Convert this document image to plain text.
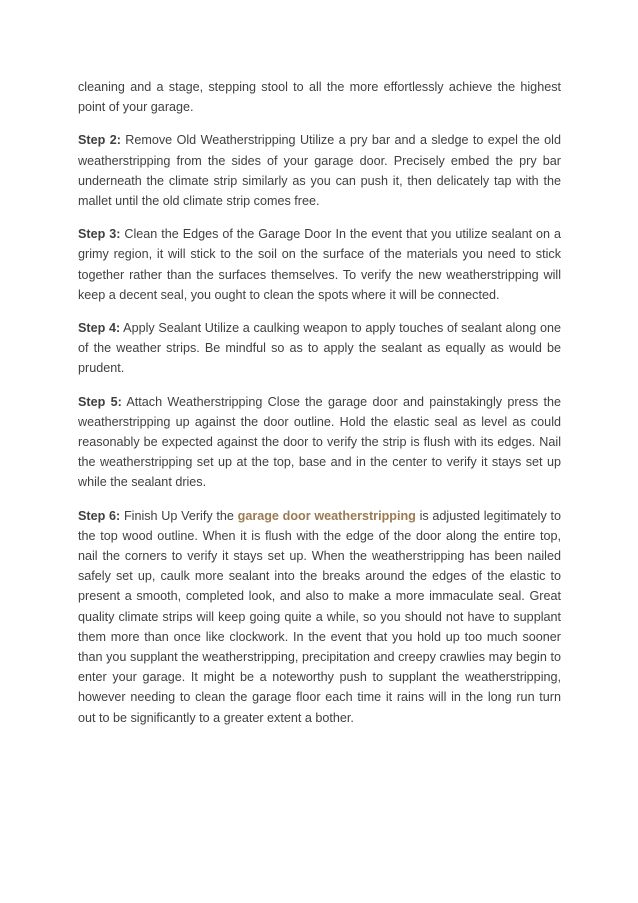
cleaning and a stage, stepping stool to all the more effortlessly achieve the highest point of your garage.

Step 2: Remove Old Weatherstripping Utilize a pry bar and a sledge to expel the old weatherstripping from the sides of your garage door. Precisely embed the pry bar underneath the climate strip similarly as you can push it, then delicately tap with the mallet until the old climate strip comes free.

Step 3: Clean the Edges of the Garage Door In the event that you utilize sealant on a grimy region, it will stick to the soil on the surface of the materials you need to stick together rather than the surfaces themselves. To verify the new weatherstripping will keep a decent seal, you ought to clean the spots where it will be connected.

Step 4: Apply Sealant Utilize a caulking weapon to apply touches of sealant along one of the weather strips. Be mindful so as to apply the sealant as equally as would be prudent.

Step 5: Attach Weatherstripping Close the garage door and painstakingly press the weatherstripping up against the door outline. Hold the elastic seal as level as could reasonably be expected against the door to verify the strip is flush with its edges. Nail the weatherstripping set up at the top, base and in the center to verify it stays set up while the sealant dries.

Step 6: Finish Up Verify the garage door weatherstripping is adjusted legitimately to the top wood outline. When it is flush with the edge of the door along the entire top, nail the corners to verify it stays set up. When the weatherstripping has been nailed safely set up, caulk more sealant into the breaks around the edges of the elastic to present a smooth, completed look, and also to make a more immaculate seal. Great quality climate strips will keep going quite a while, so you should not have to supplant them more than once like clockwork. In the event that you hold up too much sooner than you supplant the weatherstripping, precipitation and creepy crawlies may begin to enter your garage. It might be a noteworthy push to supplant the weatherstripping, however needing to clean the garage floor each time it rains will in the long run turn out to be significantly to a greater extent a bother.
